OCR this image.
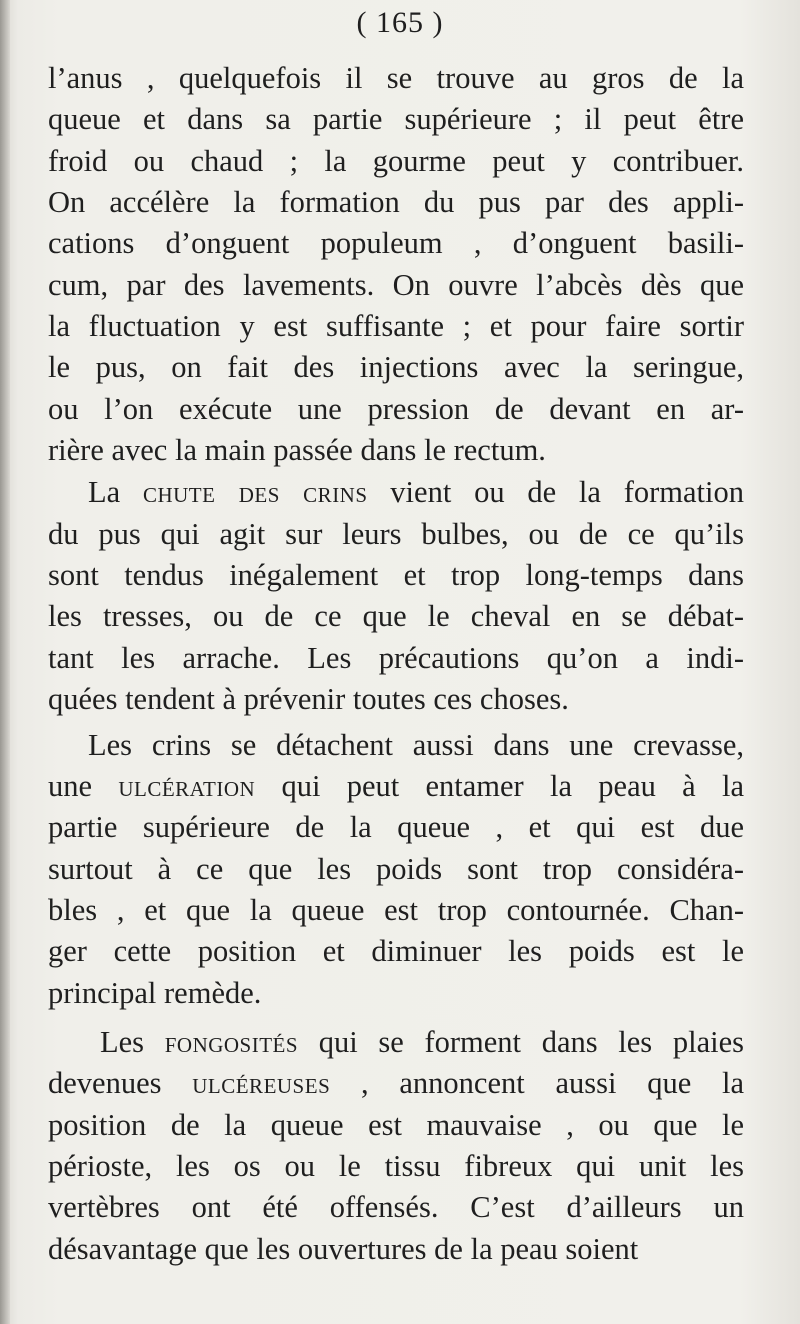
( 165 )
l’anus , quelquefois il se trouve au gros de la
queue et dans sa partie supérieure ; il peut être
froid ou chaud ; la gourme peut y contribuer.
On accélère la formation du pus par des appli-
cations d’onguent populeum , d’onguent basili-
cum, par des lavements. On ouvre l’abcès dès que
la fluctuation y est suffisante ; et pour faire sortir
le pus, on fait des injections avec la seringue,
ou l’on exécute une pression de devant en ar-
rière avec la main passée dans le rectum.
La chute des crins vient ou de la formation
du pus qui agit sur leurs bulbes, ou de ce qu’ils
sont tendus inégalement et trop long-temps dans
les tresses, ou de ce que le cheval en se débat-
tant les arrache. Les précautions qu’on a indi-
quées tendent à prévenir toutes ces choses.
Les crins se détachent aussi dans une crevasse,
une ulcération qui peut entamer la peau à la
partie supérieure de la queue , et qui est due
surtout à ce que les poids sont trop considéra-
bles , et que la queue est trop contournée. Chan-
ger cette position et diminuer les poids est le
principal remède.
Les fongosités qui se forment dans les plaies
devenues ulcéreuses , annoncent aussi que la
position de la queue est mauvaise , ou que le
périoste, les os ou le tissu fibreux qui unit les
vertèbres ont été offensés. C’est d’ailleurs un
désavantage que les ouvertures de la peau soient
